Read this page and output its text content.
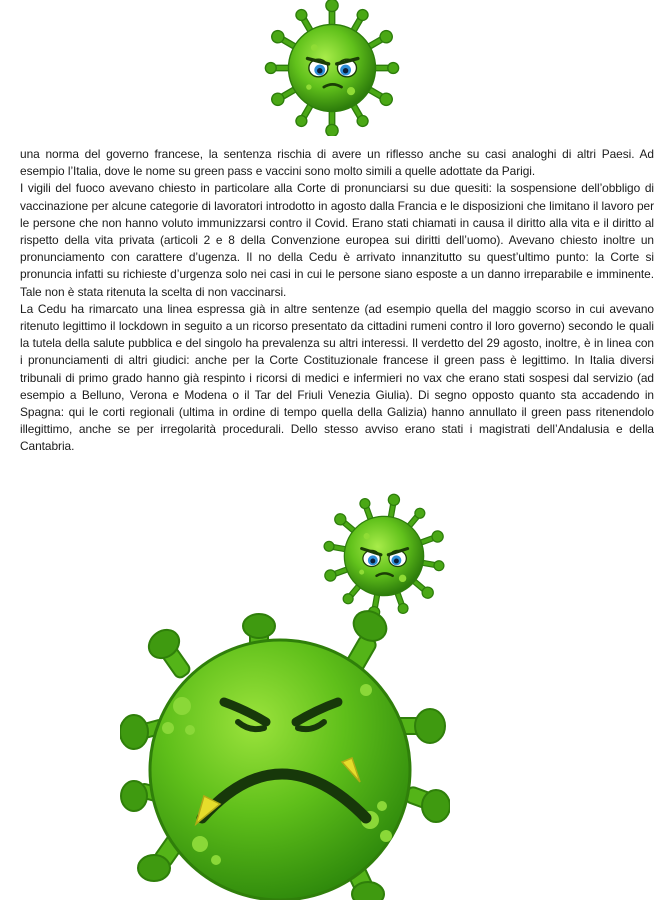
una norma del governo francese, la sentenza rischia di avere un riflesso anche su casi analoghi di altri Paesi. Ad esempio l’Italia, dove le nome su green pass e vaccini sono molto simili a quelle adottate da Parigi.

I vigili del fuoco avevano chiesto in particolare alla Corte di pronunciarsi su due quesiti: la sospensione dell’obbligo di vaccinazione per alcune categorie di lavoratori introdotto in agosto dalla Francia e le disposizioni che limitano il lavoro per le persone che non hanno voluto immunizzarsi contro il Covid. Erano stati chiamati in causa il diritto alla vita e il diritto al rispetto della vita privata (articoli 2 e 8 della Convenzione europea sui diritti dell’uomo). Avevano chiesto inoltre un pronunciamento con carattere d’ugenza. Il no della Cedu è arrivato innanzitutto su quest’ultimo punto: la Corte si pronuncia infatti su richieste d’urgenza solo nei casi in cui le persone siano esposte a un danno irreparabile e imminente. Tale non è stata ritenuta la scelta di non vaccinarsi.

La Cedu ha rimarcato una linea espressa già in altre sentenze (ad esempio quella del maggio scorso in cui avevano ritenuto legittimo il lockdown in seguito a un ricorso presentato da cittadini rumeni contro il loro governo) secondo le quali la tutela della salute pubblica e del singolo ha prevalenza su altri interessi. Il verdetto del 29 agosto, inoltre, è in linea con i pronunciamenti di altri giudici: anche per la Corte Costituzionale francese il green pass è legittimo. In Italia diversi tribunali di primo grado hanno già respinto i ricorsi di medici e infermieri no vax che erano stati sospesi dal servizio (ad esempio a Belluno, Verona e Modena o il Tar del Friuli Venezia Giulia). Di segno opposto quanto sta accadendo in Spagna: qui le corti regionali (ultima in ordine di tempo quella della Galizia) hanno annullato il green pass ritenendolo illegittimo, anche se per irregolarità procedurali. Dello stesso avviso erano stati i magistrati dell’Andalusia e della Cantabria.
